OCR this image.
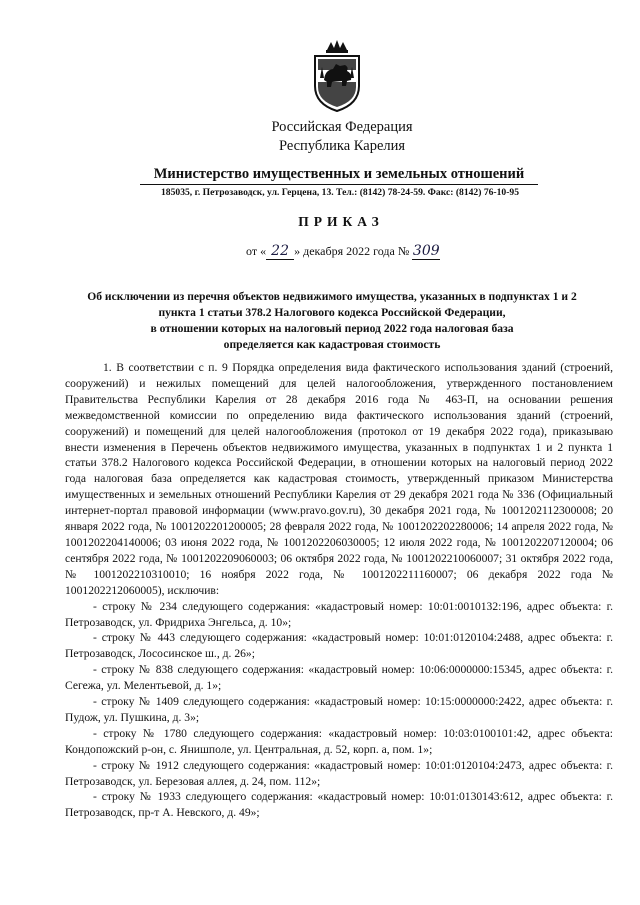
Российская Федерация
Республика Карелия
Министерство имущественных и земельных отношений
185035, г. Петрозаводск, ул. Герцена, 13. Тел.: (8142) 78-24-59. Факс: (8142) 76-10-95
ПРИКАЗ
от « 22 » декабря 2022 года № 309
Об исключении из перечня объектов недвижимого имущества, указанных в подпунктах 1 и 2
пункта 1 статьи 378.2 Налогового кодекса Российской Федерации,
в отношении которых на налоговый период 2022 года налоговая база
определяется как кадастровая стоимость

1. В соответствии с п. 9 Порядка определения вида фактического использования зданий (строений, сооружений) и нежилых помещений для целей налогообложения, утвержденного постановлением Правительства Республики Карелия от 28 декабря 2016 года № 463-П, на основании решения межведомственной комиссии по определению вида фактического использования зданий (строений, сооружений) и помещений для целей налогообложения (протокол от 19 декабря 2022 года), приказываю внести изменения в Перечень объектов недвижимого имущества, указанных в подпунктах 1 и 2 пункта 1 статьи 378.2 Налогового кодекса Российской Федерации, в отношении которых на налоговый период 2022 года налоговая база определяется как кадастровая стоимость, утвержденный приказом Министерства имущественных и земельных отношений Республики Карелия от 29 декабря 2021 года № 336 (Официальный интернет-портал правовой информации (www.pravo.gov.ru), 30 декабря 2021 года, № 1001202112300008; 20 января 2022 года, № 1001202201200005; 28 февраля 2022 года, № 1001202202280006; 14 апреля 2022 года, № 1001202204140006; 03 июня 2022 года, № 1001202206030005; 12 июля 2022 года, № 1001202207120004; 06 сентября 2022 года, № 1001202209060003; 06 октября 2022 года, № 1001202210060007; 31 октября 2022 года, № 1001202210310010; 16 ноября 2022 года, № 1001202211160007; 06 декабря 2022 года № 1001202212060005), исключив:

- строку № 234 следующего содержания: «кадастровый номер: 10:01:0010132:196, адрес объекта: г. Петрозаводск, ул. Фридриха Энгельса, д. 10»;

- строку № 443 следующего содержания: «кадастровый номер: 10:01:0120104:2488, адрес объекта: г. Петрозаводск, Лососинское ш., д. 26»;

- строку № 838 следующего содержания: «кадастровый номер: 10:06:0000000:15345, адрес объекта: г. Сегежа, ул. Мелентьевой, д. 1»;

- строку № 1409 следующего содержания: «кадастровый номер: 10:15:0000000:2422, адрес объекта: г. Пудож, ул. Пушкина, д. 3»;

- строку № 1780 следующего содержания: «кадастровый номер: 10:03:0100101:42, адрес объекта: Кондопожский р-он, с. Янишполе, ул. Центральная, д. 52, корп. а, пом. 1»;

- строку № 1912 следующего содержания: «кадастровый номер: 10:01:0120104:2473, адрес объекта: г. Петрозаводск, ул. Березовая аллея, д. 24, пом. 112»;

- строку № 1933 следующего содержания: «кадастровый номер: 10:01:0130143:612, адрес объекта: г. Петрозаводск, пр-т А. Невского, д. 49»;
